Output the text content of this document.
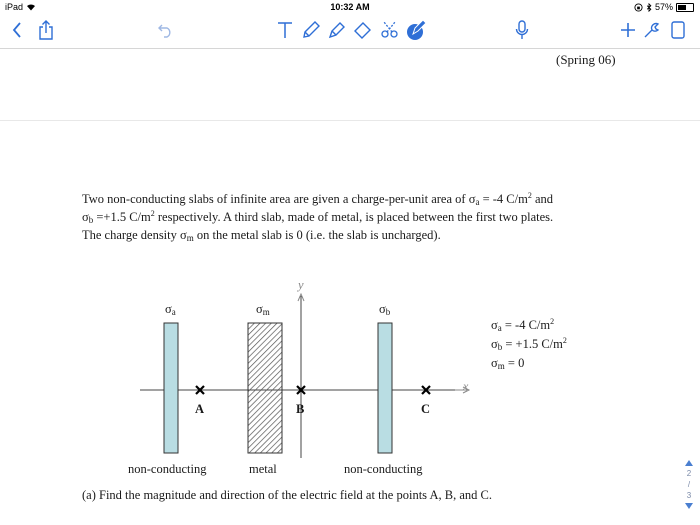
iPad	10:32 AM	57%
(Spring 06)
Two non-conducting slabs of infinite area are given a charge-per-unit area of $\sigma_a = -4$ $C/m^2$ and
$\sigma_b =+1.5$ $C/m^2$ respectively. A third slab, made of metal, is placed between the first two plates.
The charge density $\sigma_m$ on the metal slab is 0 (i.e. the slab is uncharged).
y
x
$\sigma_a$	$\sigma_m$	$\sigma_b$
A	B	C
$\sigma_a = -4$ $C/m^2$
$\sigma_b = +1.5$ $C/m^2$
$\sigma_m = 0$
non-conducting	metal	non-conducting
(a) Find the magnitude and direction of the electric field at the points A, B, and C.
2
/
3
